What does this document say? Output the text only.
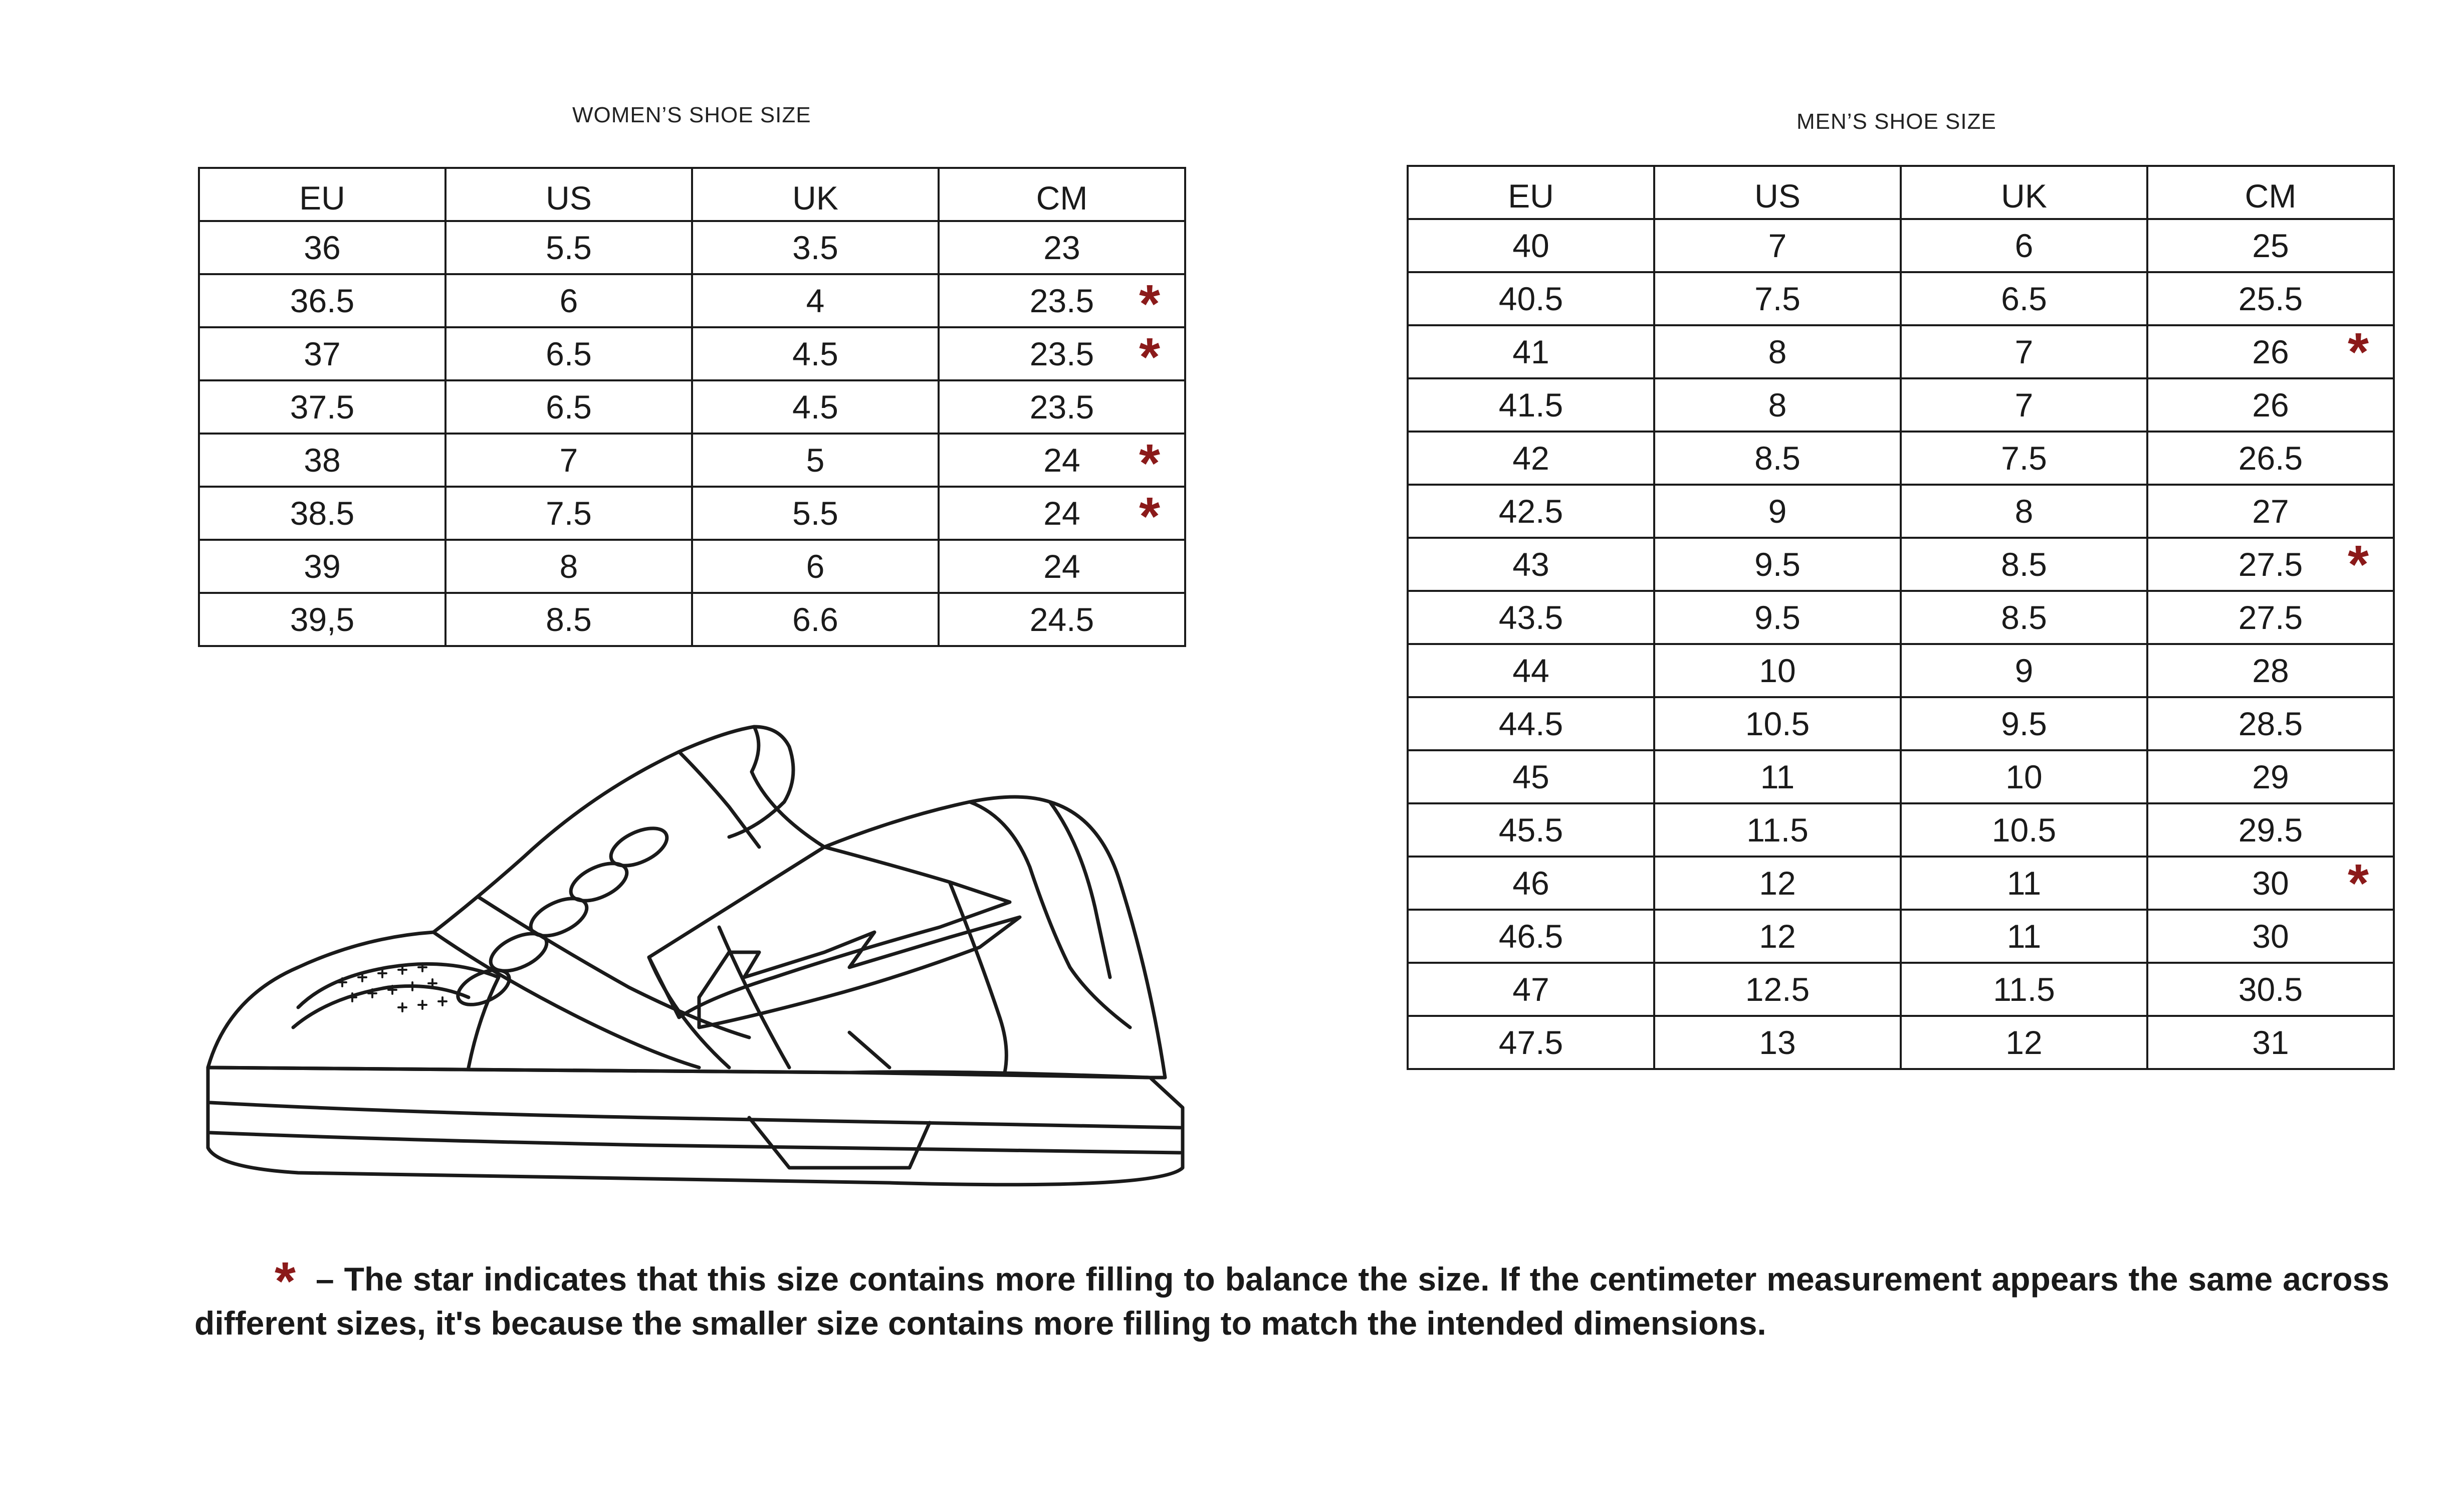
WOMEN’S SHOE SIZE
EU	US	UK	CM
36	5.5	3.5	23
36.5	6	4	23.5 *

37	6.5	4.5	23.5 *

37.5	6.5	4.5	23.5
38	7	5	24 *

38.5	7.5	5.5	24 *

39	8	6	24
39,5	8.5	6.6	24.5
MEN’S SHOE SIZE
EU	US	UK	CM
40	7	6	25
40.5	7.5	6.5	25.5
41	8	7	26 *

41.5	8	7	26
42	8.5	7.5	26.5
42.5	9	8	27
43	9.5	8.5	27.5 *

43.5	9.5	8.5	27.5
44	10	9	28
44.5	10.5	9.5	28.5
45	11	10	29
45.5	11.5	10.5	29.5
46	12	11	30 *

46.5	12	11	30
47	12.5	11.5	30.5
47.5	13	12	31
* – The star indicates that this size contains more filling to balance the size. If the centimeter measurement appears the same across different sizes, it's because the smaller size contains more filling to match the intended dimensions.
